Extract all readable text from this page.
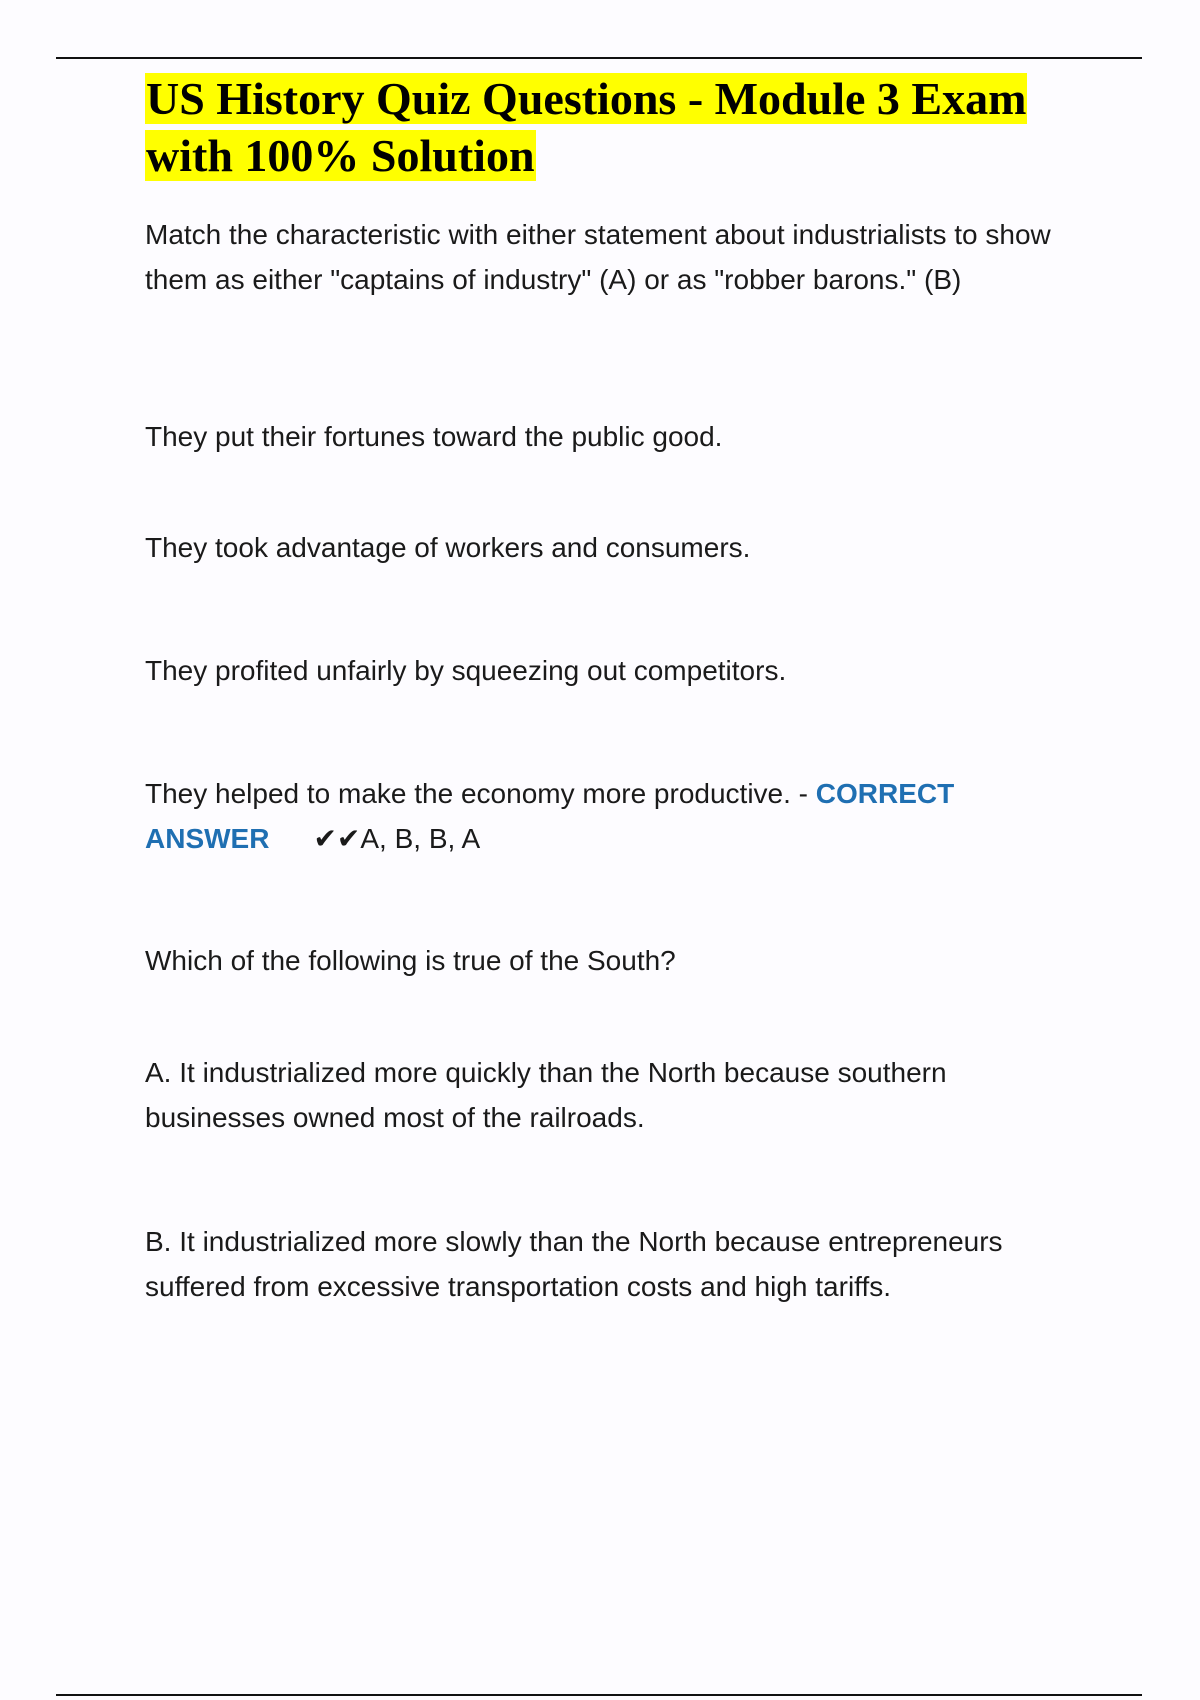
US History Quiz Questions - Module 3 Exam with 100% Solution

Match the characteristic with either statement about industrialists to show them as either "captains of industry" (A) or as "robber barons." (B)

They put their fortunes toward the public good.

They took advantage of workers and consumers.

They profited unfairly by squeezing out competitors.

They helped to make the economy more productive. - CORRECT ANSWER ✔✔A, B, B, A

Which of the following is true of the South?

A. It industrialized more quickly than the North because southern businesses owned most of the railroads.

B. It industrialized more slowly than the North because entrepreneurs suffered from excessive transportation costs and high tariffs.
